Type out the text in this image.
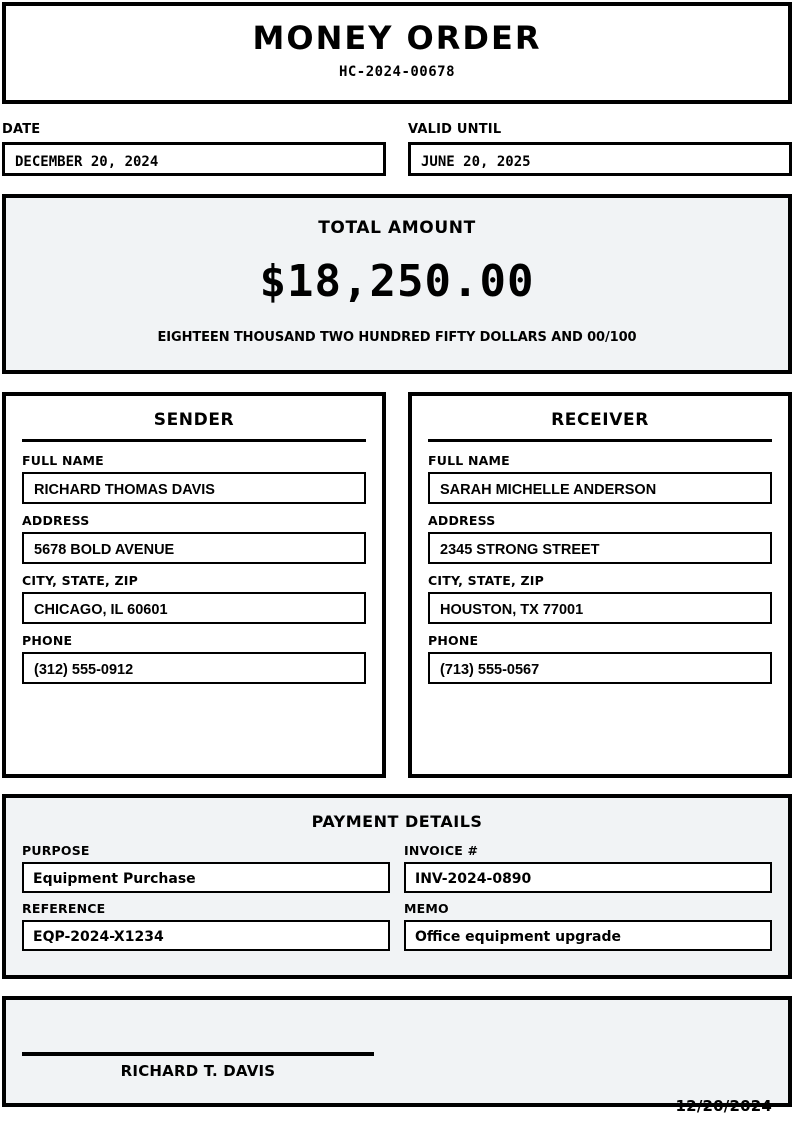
MONEY ORDER
HC-2024-00678
DATE
DECEMBER 20, 2024
VALID UNTIL
JUNE 20, 2025
TOTAL AMOUNT
$18,250.00
EIGHTEEN THOUSAND TWO HUNDRED FIFTY DOLLARS AND 00/100
SENDER
FULL NAME
RICHARD THOMAS DAVIS
ADDRESS
5678 BOLD AVENUE
CITY, STATE, ZIP
CHICAGO, IL 60601
PHONE
(312) 555-0912
RECEIVER
FULL NAME
SARAH MICHELLE ANDERSON
ADDRESS
2345 STRONG STREET
CITY, STATE, ZIP
HOUSTON, TX 77001
PHONE
(713) 555-0567
PAYMENT DETAILS
PURPOSE
Equipment Purchase
INVOICE #
INV-2024-0890
REFERENCE
EQP-2024-X1234
MEMO
Office equipment upgrade
RICHARD T. DAVIS
12/20/2024
